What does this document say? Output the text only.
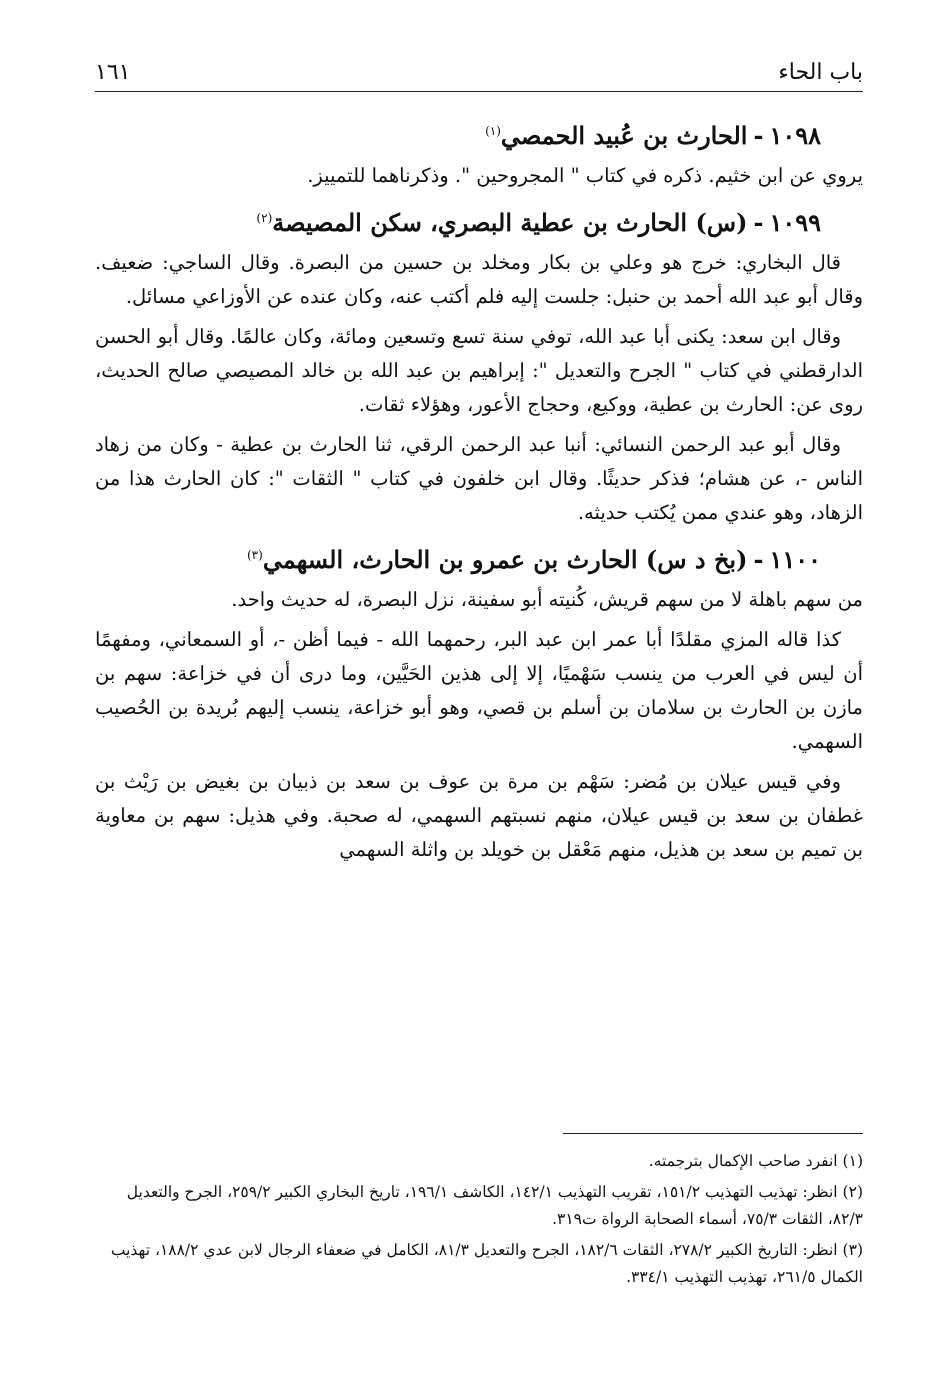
باب الحاء
١٦١
١٠٩٨-الحارث بن عُبيد الحمصي$^{(١)}$

يروي عن ابن خثيم. ذكره في كتاب " المجروحين ". وذكرناهما للتمييز.

١٠٩٩-(س) الحارث بن عطية البصري، سكن المصيصة$^{(٢)}$

قال البخاري: خرج هو وعلي بن بكار ومخلد بن حسين من البصرة. وقال الساجي: ضعيف. وقال أبو عبد الله أحمد بن حنبل: جلست إليه فلم أكتب عنه، وكان عنده عن الأوزاعي مسائل.

وقال ابن سعد: يكنى أبا عبد الله، توفي سنة تسع وتسعين ومائة، وكان عالمًا. وقال أبو الحسن الدارقطني في كتاب " الجرح والتعديل ": إبراهيم بن عبد الله بن خالد المصيصي صالح الحديث، روى عن: الحارث بن عطية، ووكيع، وحجاج الأعور، وهؤلاء ثقات.

وقال أبو عبد الرحمن النسائي: أنبا عبد الرحمن الرقي، ثنا الحارث بن عطية - وكان من زهاد الناس -، عن هشام؛ فذكر حديثًا. وقال ابن خلفون في كتاب " الثقات ": كان الحارث هذا من الزهاد، وهو عندي ممن يُكتب حديثه.

١١٠٠-(بخ د س) الحارث بن عمرو بن الحارث، السهمي$^{(٣)}$

من سهم باهلة لا من سهم قريش، كُنيته أبو سفينة، نزل البصرة، له حديث واحد.

كذا قاله المزي مقلدًا أبا عمر ابن عبد البر، رحمهما الله - فيما أظن -، أو السمعاني، ومفهمًا أن ليس في العرب من ينسب سَهْميًا، إلا إلى هذين الحَيَّين، وما درى أن في خزاعة: سهم بن مازن بن الحارث بن سلامان بن أسلم بن قصي، وهو أبو خزاعة، ينسب إليهم بُريدة بن الحُصيب السهمي.

وفي قيس عيلان بن مُضر: سَهْم بن مرة بن عوف بن سعد بن ذبيان بن بغيض بن رَيْث بن غطفان بن سعد بن قيس عيلان، منهم نسبتهم السهمي، له صحبة. وفي هذيل: سهم بن معاوية بن تميم بن سعد بن هذيل، منهم مَعْقل بن خويلد بن واثلة السهمي

(١) انفرد صاحب الإكمال بترجمته.

(٢) انظر: تهذيب التهذيب ١٥١/٢، تقريب التهذيب ١٤٢/١، الكاشف ١٩٦/١، تاريخ البخاري الكبير ٢٥٩/٢، الجرح والتعديل ٨٢/٣، الثقات ٧٥/٣، أسماء الصحابة الرواة ت٣١٩.

(٣) انظر: التاريخ الكبير ٢٧٨/٢، الثقات ١٨٢/٦، الجرح والتعديل ٨١/٣، الكامل في ضعفاء الرجال لابن عدي ١٨٨/٢، تهذيب الكمال ٢٦١/٥، تهذيب التهذيب ٣٣٤/١.
